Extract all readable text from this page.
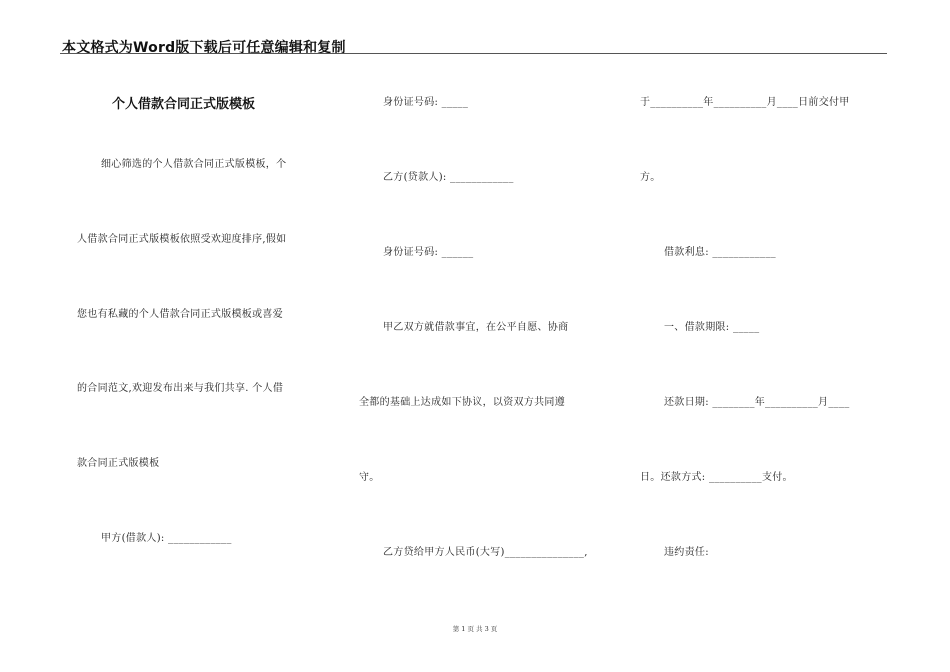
本文格式为Word版下载后可任意编辑和复制
个人借款合同正式版模板
细心筛选的个人借款合同正式版模板，个
人借款合同正式版模板依照受欢迎度排序,假如
您也有私藏的个人借款合同正式版模板或喜爱
的合同范文,欢迎发布出来与我们共享. 个人借
款合同正式版模板
甲方(借款人): ____________
身份证号码: _____
乙方(贷款人): ____________
身份证号码: ______
甲乙双方就借款事宜，在公平自愿、协商
全都的基础上达成如下协议，以资双方共同遵
守。
乙方贷给甲方人民币(大写)_______________,
于__________年__________月____日前交付甲
方。
借款利息: ____________
一、借款期限: _____
还款日期: ________年__________月____
日。还款方式: __________支付。
违约责任:
第 1 页 共 3 页
